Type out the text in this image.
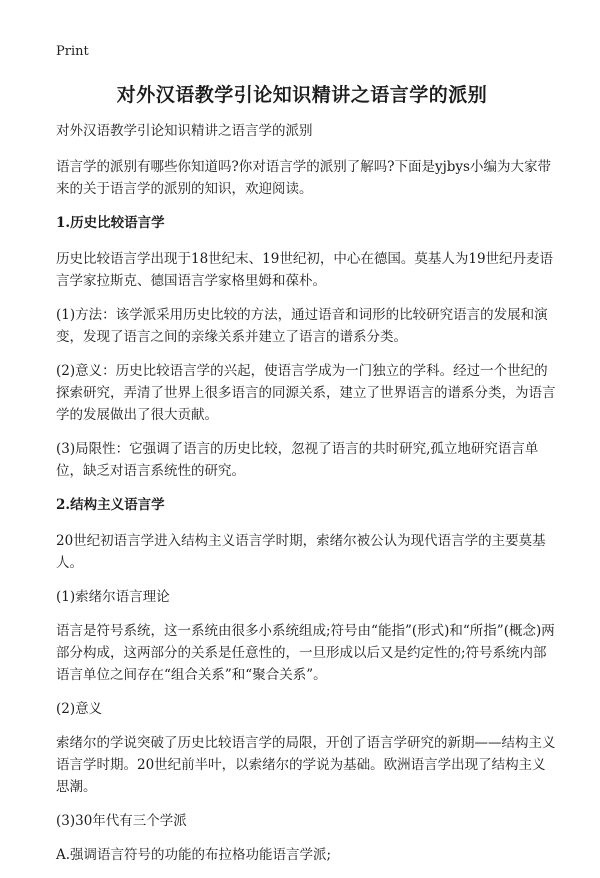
Print
对外汉语教学引论知识精讲之语言学的派别

对外汉语教学引论知识精讲之语言学的派别

语言学的派别有哪些你知道吗?你对语言学的派别了解吗?下面是yjbys小编为大家带来的关于语言学的派别的知识，欢迎阅读。

1.历史比较语言学

历史比较语言学出现于18世纪末、19世纪初，中心在德国。莫基人为19世纪丹麦语言学家拉斯克、德国语言学家格里姆和葆朴。

(1)方法：该学派采用历史比较的方法，通过语音和词形的比较研究语言的发展和演变，发现了语言之间的亲缘关系并建立了语言的谱系分类。

(2)意义：历史比较语言学的兴起，使语言学成为一门独立的学科。经过一个世纪的探索研究，弄清了世界上很多语言的同源关系，建立了世界语言的谱系分类，为语言学的发展做出了很大贡献。

(3)局限性：它强调了语言的历史比较，忽视了语言的共时研究,孤立地研究语言单位，缺乏对语言系统性的研究。

2.结构主义语言学

20世纪初语言学进入结构主义语言学时期，索绪尔被公认为现代语言学的主要莫基人。

(1)索绪尔语言理论

语言是符号系统，这一系统由很多小系统组成;符号由“能指”(形式)和“所指”(概念)两部分构成，这两部分的关系是任意性的，一旦形成以后又是约定性的;符号系统内部语言单位之间存在“组合关系”和“聚合关系”。

(2)意义

索绪尔的学说突破了历史比较语言学的局限，开创了语言学研究的新期——结构主义语言学时期。20世纪前半叶，以索绪尔的学说为基础。欧洲语言学出现了结构主义思潮。

(3)30年代有三个学派

A.强调语言符号的功能的布拉格功能语言学派;
